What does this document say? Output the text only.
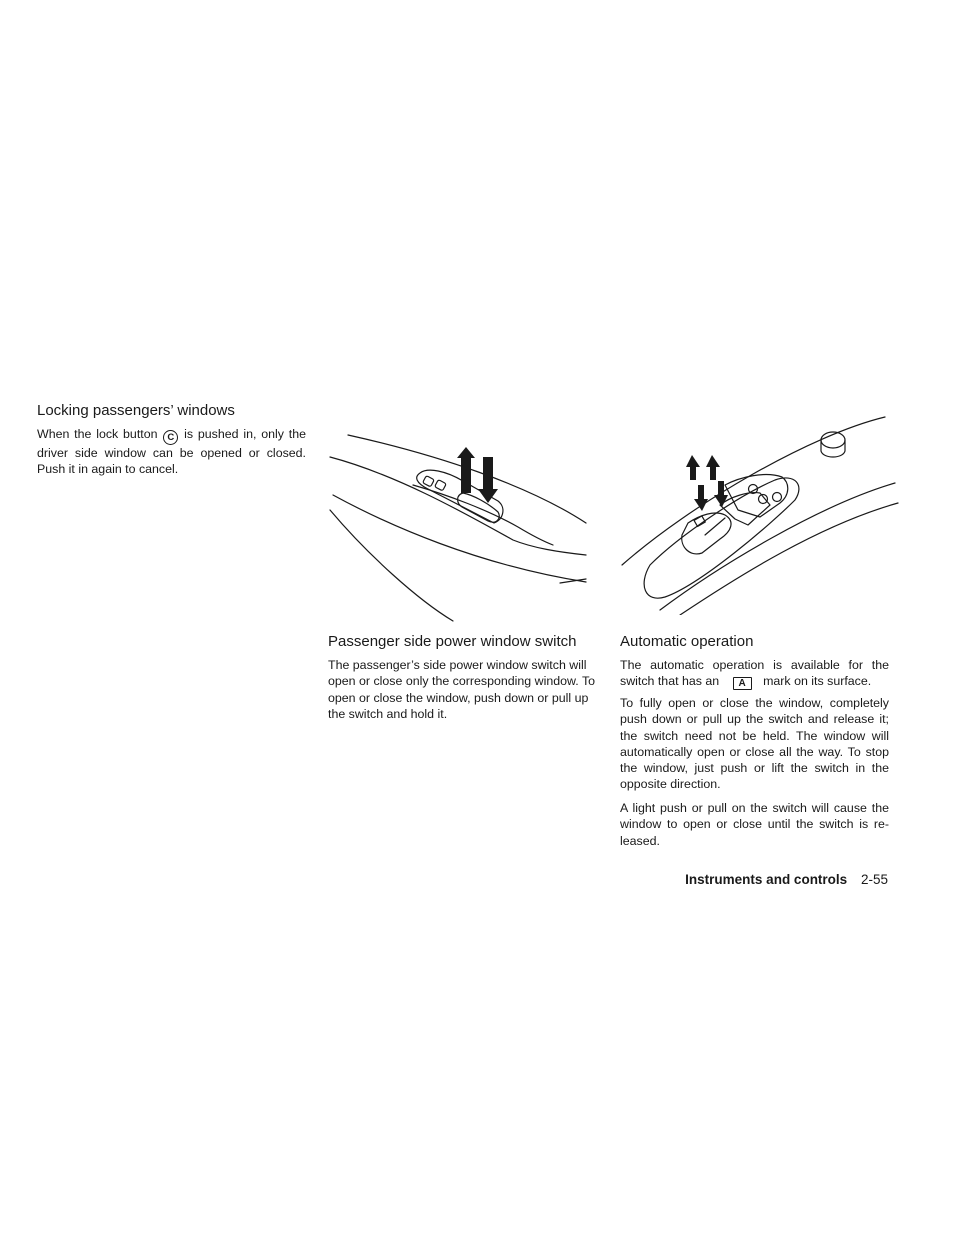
Locking passengers’ windows

When the lock button C is pushed in, only the driver side window can be opened or closed. Push it in again to cancel.

Passenger side power window switch

The passenger’s side power window switch will open or close only the corresponding window. To open or close the window, push down or pull up the switch and hold it.

Automatic operation

The automatic operation is available for the switch that has an A mark on its surface.

To fully open or close the window, completely push down or pull up the switch and release it; the switch need not be held. The window will automatically open or close all the way. To stop the window, just push or lift the switch in the opposite direction.

A light push or pull on the switch will cause the window to open or close until the switch is re-leased.

Instruments and controls 2-55
